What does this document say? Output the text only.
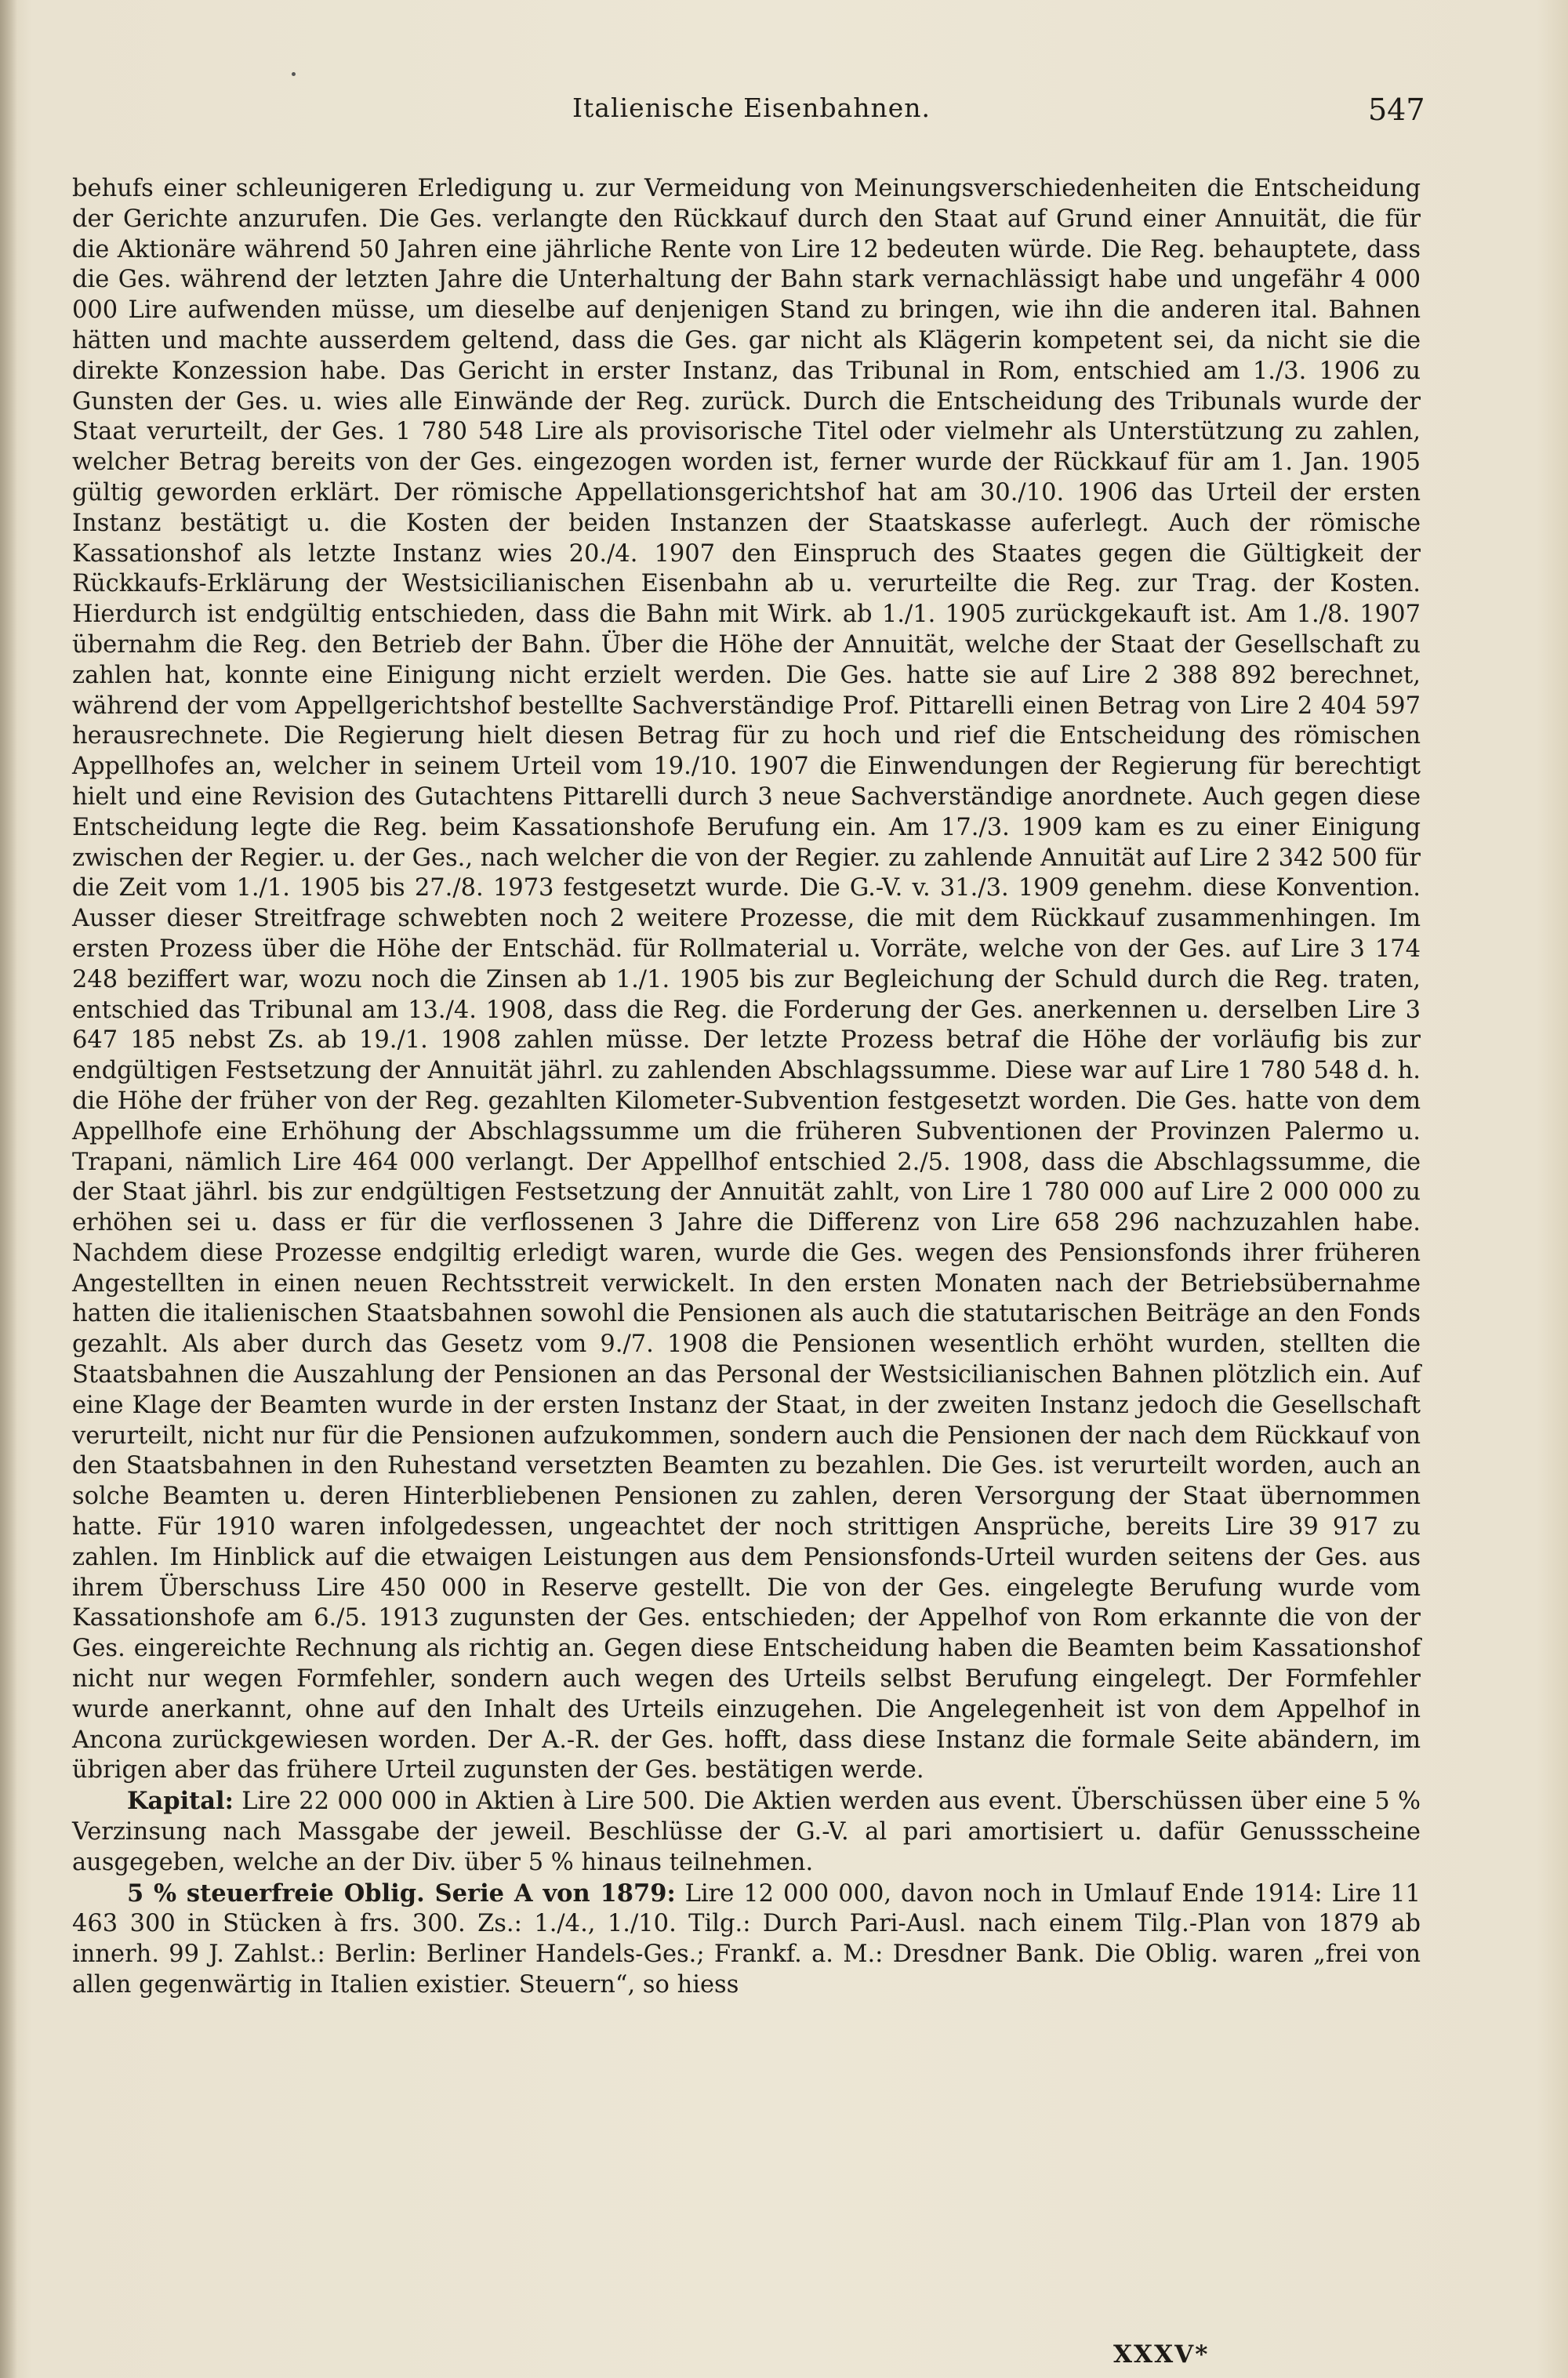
Italienische Eisenbahnen.	547

behufs einer schleunigeren Erledigung u. zur Vermeidung von Meinungsverschiedenheiten die Entscheidung der Gerichte anzurufen. Die Ges. verlangte den Rückkauf durch den Staat auf Grund einer Annuität, die für die Aktionäre während 50 Jahren eine jährliche Rente von Lire 12 bedeuten würde. Die Reg. behauptete, dass die Ges. während der letzten Jahre die Unterhaltung der Bahn stark vernachlässigt habe und ungefähr 4 000 000 Lire aufwenden müsse, um dieselbe auf denjenigen Stand zu bringen, wie ihn die anderen ital. Bahnen hätten und machte ausserdem geltend, dass die Ges. gar nicht als Klägerin kompetent sei, da nicht sie die direkte Konzession habe. Das Gericht in erster Instanz, das Tribunal in Rom, entschied am 1./3. 1906 zu Gunsten der Ges. u. wies alle Einwände der Reg. zurück. Durch die Entscheidung des Tribunals wurde der Staat verurteilt, der Ges. 1 780 548 Lire als provisorische Titel oder vielmehr als Unterstützung zu zahlen, welcher Betrag bereits von der Ges. eingezogen worden ist, ferner wurde der Rückkauf für am 1. Jan. 1905 gültig geworden erklärt. Der römische Appellationsgerichtshof hat am 30./10. 1906 das Urteil der ersten Instanz bestätigt u. die Kosten der beiden Instanzen der Staatskasse auferlegt. Auch der römische Kassationshof als letzte Instanz wies 20./4. 1907 den Einspruch des Staates gegen die Gültigkeit der Rückkaufs-Erklärung der Westsicilianischen Eisenbahn ab u. verurteilte die Reg. zur Trag. der Kosten. Hierdurch ist endgültig entschieden, dass die Bahn mit Wirk. ab 1./1. 1905 zurückgekauft ist. Am 1./8. 1907 übernahm die Reg. den Betrieb der Bahn. Über die Höhe der Annuität, welche der Staat der Gesellschaft zu zahlen hat, konnte eine Einigung nicht erzielt werden. Die Ges. hatte sie auf Lire 2 388 892 berechnet, während der vom Appellgerichtshof bestellte Sachverständige Prof. Pittarelli einen Betrag von Lire 2 404 597 herausrechnete. Die Regierung hielt diesen Betrag für zu hoch und rief die Entscheidung des römischen Appellhofes an, welcher in seinem Urteil vom 19./10. 1907 die Einwendungen der Regierung für berechtigt hielt und eine Revision des Gutachtens Pittarelli durch 3 neue Sachverständige anordnete. Auch gegen diese Entscheidung legte die Reg. beim Kassationshofe Berufung ein. Am 17./3. 1909 kam es zu einer Einigung zwischen der Regier. u. der Ges., nach welcher die von der Regier. zu zahlende Annuität auf Lire 2 342 500 für die Zeit vom 1./1. 1905 bis 27./8. 1973 festgesetzt wurde. Die G.-V. v. 31./3. 1909 genehm. diese Konvention. Ausser dieser Streitfrage schwebten noch 2 weitere Prozesse, die mit dem Rückkauf zusammenhingen. Im ersten Prozess über die Höhe der Entschäd. für Rollmaterial u. Vorräte, welche von der Ges. auf Lire 3 174 248 beziffert war, wozu noch die Zinsen ab 1./1. 1905 bis zur Begleichung der Schuld durch die Reg. traten, entschied das Tribunal am 13./4. 1908, dass die Reg. die Forderung der Ges. anerkennen u. derselben Lire 3 647 185 nebst Zs. ab 19./1. 1908 zahlen müsse. Der letzte Prozess betraf die Höhe der vorläufig bis zur endgültigen Festsetzung der Annuität jährl. zu zahlenden Abschlagssumme. Diese war auf Lire 1 780 548 d. h. die Höhe der früher von der Reg. gezahlten Kilometer-Subvention festgesetzt worden. Die Ges. hatte von dem Appellhofe eine Erhöhung der Abschlagssumme um die früheren Subventionen der Provinzen Palermo u. Trapani, nämlich Lire 464 000 verlangt. Der Appellhof entschied 2./5. 1908, dass die Abschlagssumme, die der Staat jährl. bis zur endgültigen Festsetzung der Annuität zahlt, von Lire 1 780 000 auf Lire 2 000 000 zu erhöhen sei u. dass er für die verflossenen 3 Jahre die Differenz von Lire 658 296 nachzuzahlen habe. Nachdem diese Prozesse endgiltig erledigt waren, wurde die Ges. wegen des Pensionsfonds ihrer früheren Angestellten in einen neuen Rechtsstreit verwickelt. In den ersten Monaten nach der Betriebsübernahme hatten die italienischen Staatsbahnen sowohl die Pensionen als auch die statutarischen Beiträge an den Fonds gezahlt. Als aber durch das Gesetz vom 9./7. 1908 die Pensionen wesentlich erhöht wurden, stellten die Staatsbahnen die Auszahlung der Pensionen an das Personal der Westsicilianischen Bahnen plötzlich ein. Auf eine Klage der Beamten wurde in der ersten Instanz der Staat, in der zweiten Instanz jedoch die Gesellschaft verurteilt, nicht nur für die Pensionen aufzukommen, sondern auch die Pensionen der nach dem Rückkauf von den Staatsbahnen in den Ruhestand versetzten Beamten zu bezahlen. Die Ges. ist verurteilt worden, auch an solche Beamten u. deren Hinterbliebenen Pensionen zu zahlen, deren Versorgung der Staat übernommen hatte. Für 1910 waren infolgedessen, ungeachtet der noch strittigen Ansprüche, bereits Lire 39 917 zu zahlen. Im Hinblick auf die etwaigen Leistungen aus dem Pensionsfonds-Urteil wurden seitens der Ges. aus ihrem Überschuss Lire 450 000 in Reserve gestellt. Die von der Ges. eingelegte Berufung wurde vom Kassationshofe am 6./5. 1913 zugunsten der Ges. entschieden; der Appelhof von Rom erkannte die von der Ges. eingereichte Rechnung als richtig an. Gegen diese Entscheidung haben die Beamten beim Kassationshof nicht nur wegen Formfehler, sondern auch wegen des Urteils selbst Berufung eingelegt. Der Formfehler wurde anerkannt, ohne auf den Inhalt des Urteils einzugehen. Die Angelegenheit ist von dem Appelhof in Ancona zurückgewiesen worden. Der A.-R. der Ges. hofft, dass diese Instanz die formale Seite abändern, im übrigen aber das frühere Urteil zugunsten der Ges. bestätigen werde.

Kapital: Lire 22 000 000 in Aktien à Lire 500. Die Aktien werden aus event. Überschüssen über eine 5 % Verzinsung nach Massgabe der jeweil. Beschlüsse der G.-V. al pari amortisiert u. dafür Genussscheine ausgegeben, welche an der Div. über 5 % hinaus teilnehmen.

5 % steuerfreie Oblig. Serie A von 1879: Lire 12 000 000, davon noch in Umlauf Ende 1914: Lire 11 463 300 in Stücken à frs. 300. Zs.: 1./4., 1./10. Tilg.: Durch Pari-Ausl. nach einem Tilg.-Plan von 1879 ab innerh. 99 J. Zahlst.: Berlin: Berliner Handels-Ges.; Frankf. a. M.: Dresdner Bank. Die Oblig. waren „frei von allen gegenwärtig in Italien existier. Steuern“, so hiess

XXXV*
